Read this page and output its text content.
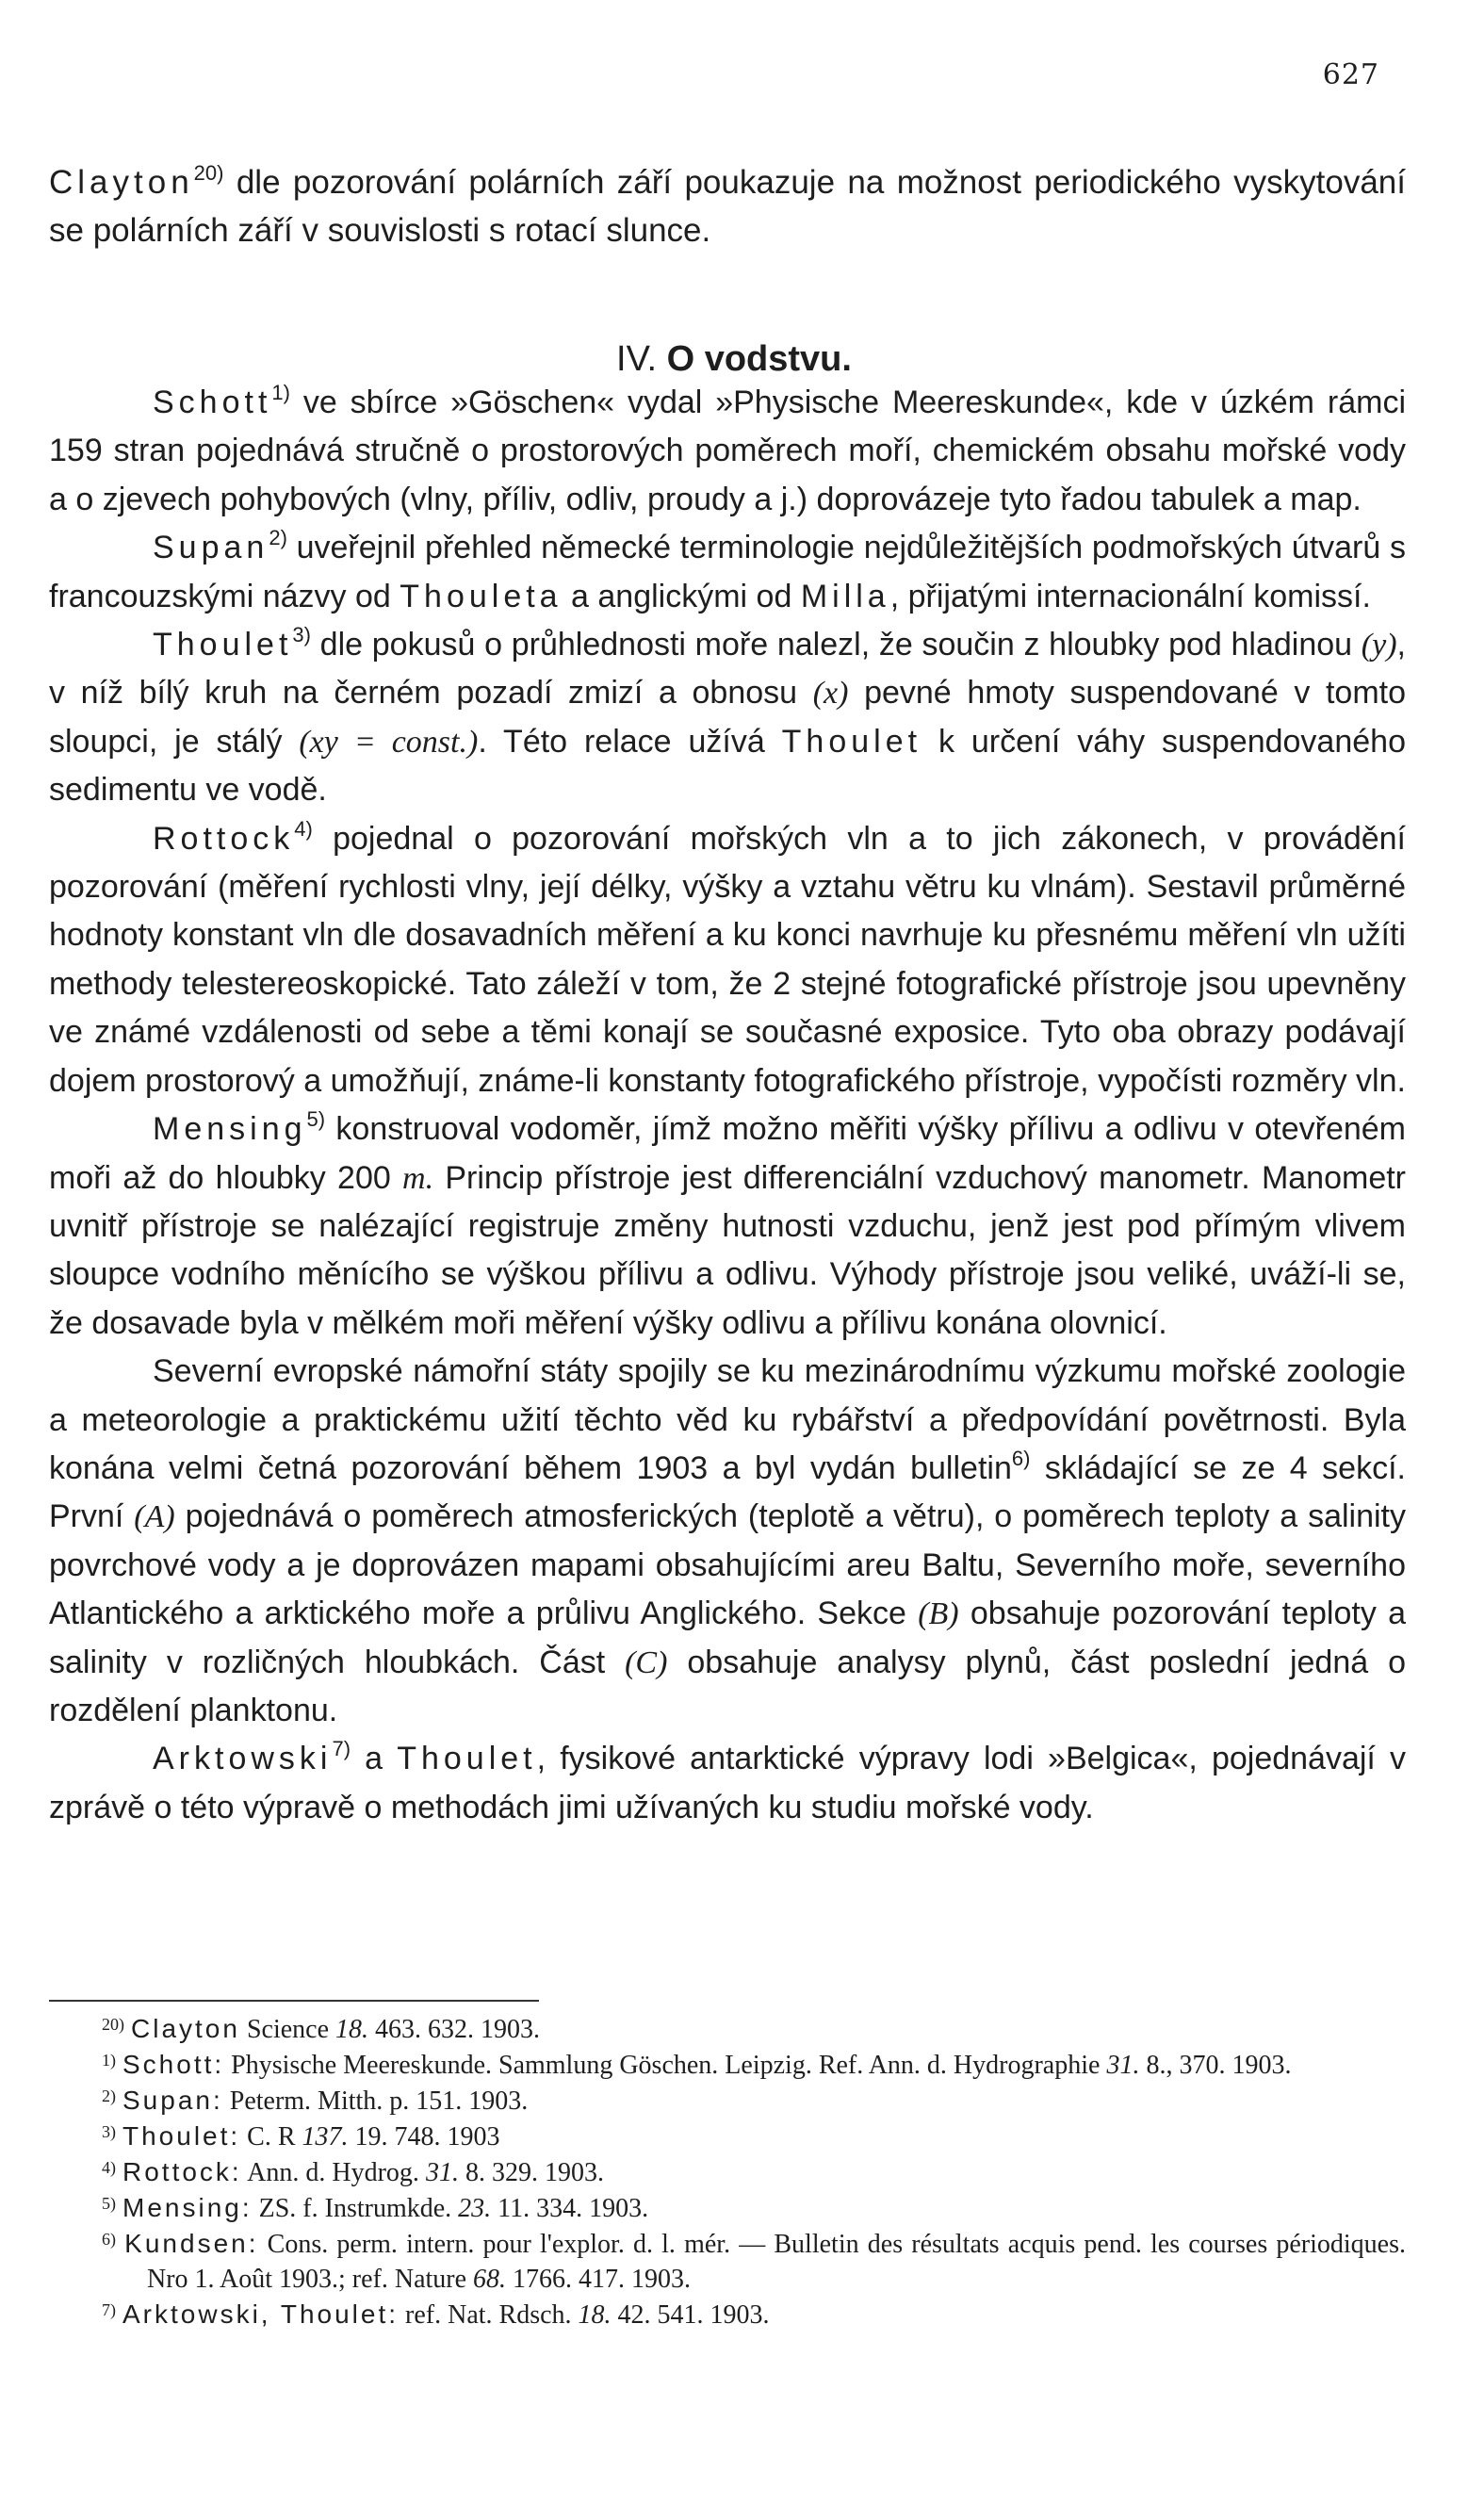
627
Clayton$^{20)}$ dle pozorování polárních září poukazuje na možnost periodického vyskytování se polárních září v souvislosti s rotací slunce.
IV. O vodstvu.

Schott$^{1)}$ ve sbírce »Göschen« vydal »Physische Meereskunde«, kde v úzkém rámci 159 stran pojednává stručně o prostorových poměrech moří, chemickém obsahu mořské vody a o zjevech pohybových (vlny, příliv, odliv, proudy a j.) doprovázeje tyto řadou tabulek a map.

Supan$^{2)}$ uveřejnil přehled německé terminologie nejdůležitějších podmořských útvarů s francouzskými názvy od Thouleta a anglickými od Milla, přijatými internacionální komissí.

Thoulet$^{3)}$ dle pokusů o průhlednosti moře nalezl, že součin z hloubky pod hladinou (y), v níž bílý kruh na černém pozadí zmizí a obnosu (x) pevné hmoty suspendované v tomto sloupci, je stálý (xy = const.). Této relace užívá Thoulet k určení váhy suspendovaného sedimentu ve vodě.

Rottock$^{4)}$ pojednal o pozorování mořských vln a to jich zákonech, v provádění pozorování (měření rychlosti vlny, její délky, výšky a vztahu větru ku vlnám). Sestavil průměrné hodnoty konstant vln dle dosavadních měření a ku konci navrhuje ku přesnému měření vln užíti methody telestereoskopické. Tato záleží v tom, že 2 stejné fotografické přístroje jsou upevněny ve známé vzdálenosti od sebe a těmi konají se současné exposice. Tyto oba obrazy podávají dojem prostorový a umožňují, známe-li konstanty fotografického přístroje, vypočísti rozměry vln.

Mensing$^{5)}$ konstruoval vodoměr, jímž možno měřiti výšky přílivu a odlivu v otevřeném moři až do hloubky 200 m. Princip přístroje jest differenciální vzduchový manometr. Manometr uvnitř přístroje se nalézající registruje změny hutnosti vzduchu, jenž jest pod přímým vlivem sloupce vodního měnícího se výškou přílivu a odlivu. Výhody přístroje jsou veliké, uváží-li se, že dosavade byla v mělkém moři měření výšky odlivu a přílivu konána olovnicí.

Severní evropské námořní státy spojily se ku mezinárodnímu výzkumu mořské zoologie a meteorologie a praktickému užití těchto věd ku rybářství a předpovídání povětrnosti. Byla konána velmi četná pozorování během 1903 a byl vydán bulletin$^{6)}$ skládající se ze 4 sekcí. První (A) pojednává o poměrech atmosferických (teplotě a větru), o poměrech teploty a salinity povrchové vody a je doprovázen mapami obsahujícími areu Baltu, Severního moře, severního Atlantického a arktického moře a průlivu Anglického. Sekce (B) obsahuje pozorování teploty a salinity v rozličných hloubkách. Část (C) obsahuje analysy plynů, část poslední jedná o rozdělení planktonu.

Arktowski$^{7)}$ a Thoulet, fysikové antarktické výpravy lodi »Belgica«, pojednávají v zprávě o této výpravě o methodách jimi užívaných ku studiu mořské vody.

$^{20)}$ Clayton Science 18. 463. 632. 1903.

$^{1)}$ Schott: Physische Meereskunde. Sammlung Göschen. Leipzig. Ref. Ann. d. Hydrographie 31. 8., 370. 1903.

$^{2)}$ Supan: Peterm. Mitth. p. 151. 1903.

$^{3)}$ Thoulet: C. R 137. 19. 748. 1903

$^{4)}$ Rottock: Ann. d. Hydrog. 31. 8. 329. 1903.

$^{5)}$ Mensing: ZS. f. Instrumkde. 23. 11. 334. 1903.

$^{6)}$ Kundsen: Cons. perm. intern. pour l'explor. d. l. mér. — Bulletin des résultats acquis pend. les courses périodiques. Nro 1. Août 1903.; ref. Nature 68. 1766. 417. 1903.

$^{7)}$ Arktowski, Thoulet: ref. Nat. Rdsch. 18. 42. 541. 1903.
